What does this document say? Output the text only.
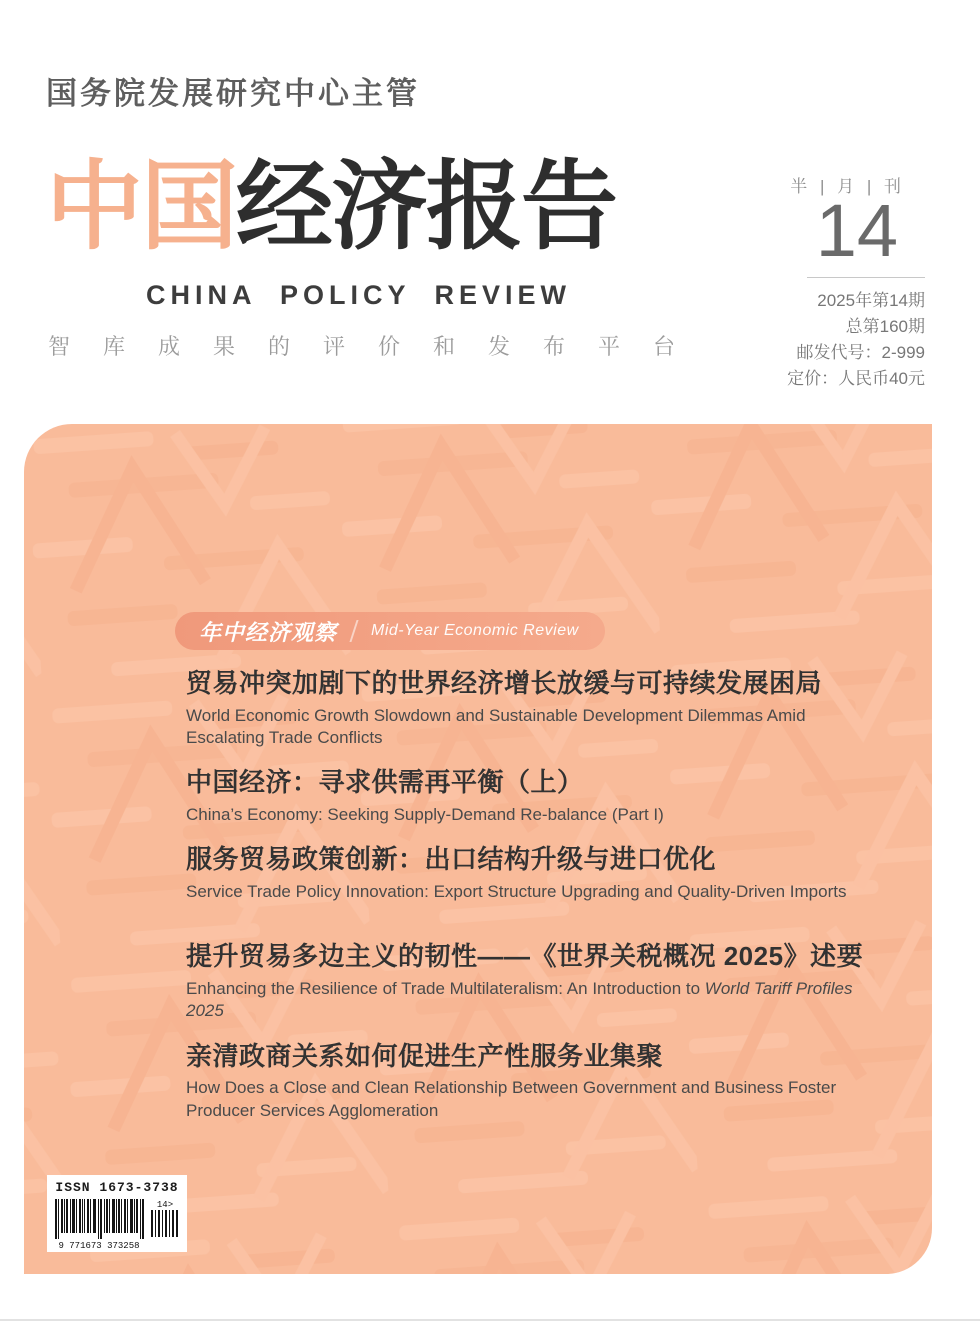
国务院发展研究中心主管
中国经济报告
CHINA POLICY REVIEW
智库成果的评价和发布平台
半 | 月 | 刊
14
2025年第14期
总第160期
邮发代号：2-999
定价：人民币40元
年中经济观察 Mid-Year Economic Review
贸易冲突加剧下的世界经济增长放缓与可持续发展困局
World Economic Growth Slowdown and Sustainable Development Dilemmas Amid Escalating Trade Conflicts
中国经济：寻求供需再平衡（上）
China’s Economy: Seeking Supply-Demand Re-balance (Part I)
服务贸易政策创新：出口结构升级与进口优化
Service Trade Policy Innovation: Export Structure Upgrading and Quality-Driven Imports
提升贸易多边主义的韧性——《世界关税概况 2025》述要
Enhancing the Resilience of Trade Multilateralism: An Introduction to World Tariff Profiles 2025
亲清政商关系如何促进生产性服务业集聚
How Does a Close and Clean Relationship Between Government and Business Foster Producer Services Agglomeration
ISSN 1673-3738
9 771673 373258
14>
